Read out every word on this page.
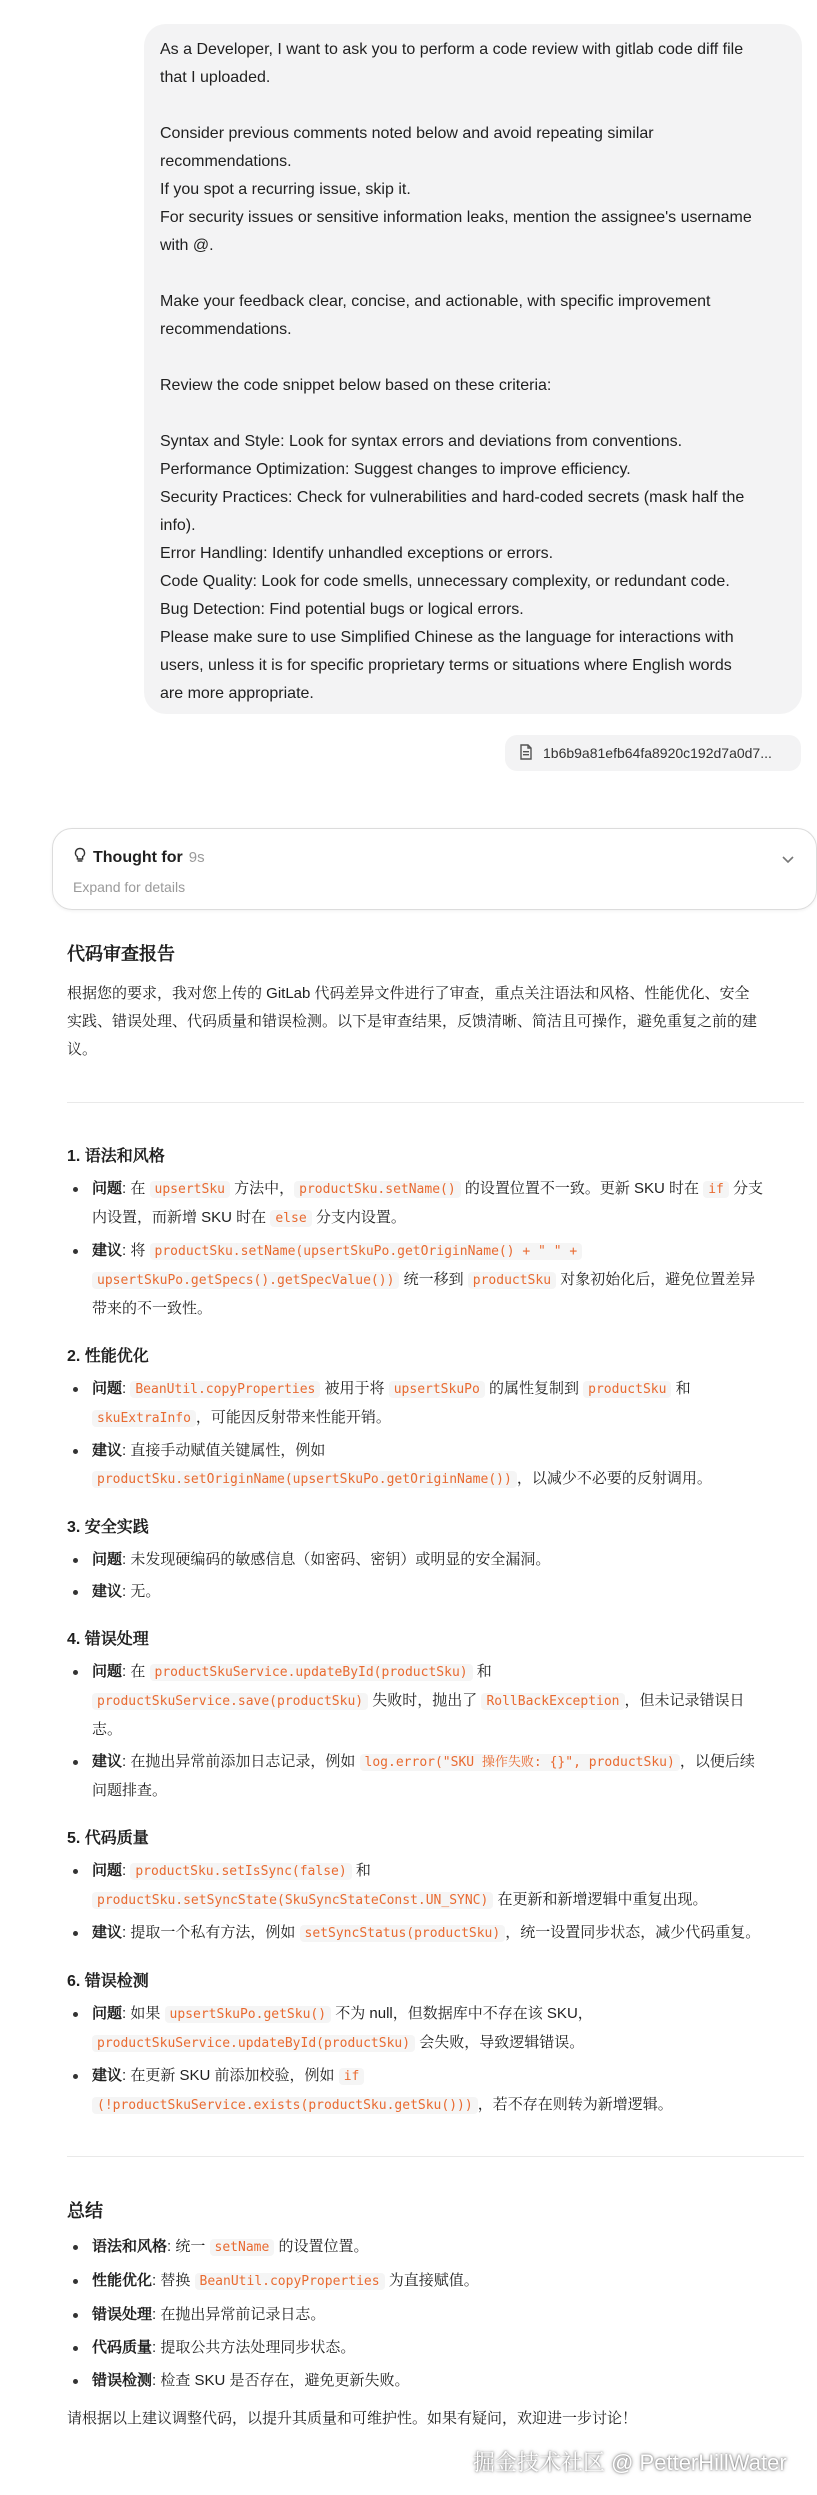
As a Developer, I want to ask you to perform a code review with gitlab code diff file
that I uploaded.
Consider previous comments noted below and avoid repeating similar
recommendations.
If you spot a recurring issue, skip it.
For security issues or sensitive information leaks, mention the assignee's username
with @.
Make your feedback clear, concise, and actionable, with specific improvement
recommendations.
Review the code snippet below based on these criteria:
Syntax and Style: Look for syntax errors and deviations from conventions.
Performance Optimization: Suggest changes to improve efficiency.
Security Practices: Check for vulnerabilities and hard-coded secrets (mask half the
info).
Error Handling: Identify unhandled exceptions or errors.
Code Quality: Look for code smells, unnecessary complexity, or redundant code.
Bug Detection: Find potential bugs or logical errors.
Please make sure to use Simplified Chinese as the language for interactions with
users, unless it is for specific proprietary terms or situations where English words
are more appropriate.
1b6b9a81efb64fa8920c192d7a0d7...
Thought for 9s
Expand for details
代码审查报告

根据您的要求，我对您上传的 GitLab 代码差异文件进行了审查，重点关注语法和风格、性能优化、安全
实践、错误处理、代码质量和错误检测。以下是审查结果，反馈清晰、简洁且可操作，避免重复之前的建
议。

1. 语法和风格
问题: 在 upsertSku 方法中， productSku.setName() 的设置位置不一致。更新 SKU 时在 if 分支
内设置，而新增 SKU 时在 else 分支内设置。
建议: 将 productSku.setName(upsertSkuPo.getOriginName() + " " +
upsertSkuPo.getSpecs().getSpecValue()) 统一移到 productSku 对象初始化后，避免位置差异
带来的不一致性。
2. 性能优化
问题: BeanUtil.copyProperties 被用于将 upsertSkuPo 的属性复制到 productSku 和
skuExtraInfo ，可能因反射带来性能开销。
建议: 直接手动赋值关键属性，例如
productSku.setOriginName(upsertSkuPo.getOriginName()) ，以减少不必要的反射调用。
3. 安全实践
问题: 未发现硬编码的敏感信息（如密码、密钥）或明显的安全漏洞。
建议: 无。
4. 错误处理
问题: 在 productSkuService.updateById(productSku) 和
productSkuService.save(productSku) 失败时，抛出了 RollBackException ，但未记录错误日
志。
建议: 在抛出异常前添加日志记录，例如 log.error("SKU 操作失败: {}", productSku) ，以便后续
问题排查。
5. 代码质量
问题: productSku.setIsSync(false) 和
productSku.setSyncState(SkuSyncStateConst.UN_SYNC) 在更新和新增逻辑中重复出现。
建议: 提取一个私有方法，例如 setSyncStatus(productSku) ，统一设置同步状态，减少代码重复。
6. 错误检测
问题: 如果 upsertSkuPo.getSku() 不为 null，但数据库中不存在该 SKU，
productSkuService.updateById(productSku) 会失败，导致逻辑错误。
建议: 在更新 SKU 前添加校验，例如 if
(!productSkuService.exists(productSku.getSku())) ，若不存在则转为新增逻辑。
总结
语法和风格: 统一 setName 的设置位置。
性能优化: 替换 BeanUtil.copyProperties 为直接赋值。
错误处理: 在抛出异常前记录日志。
代码质量: 提取公共方法处理同步状态。
错误检测: 检查 SKU 是否存在，避免更新失败。

请根据以上建议调整代码，以提升其质量和可维护性。如果有疑问，欢迎进一步讨论！

掘金技术社区 @ PetterHillWater
